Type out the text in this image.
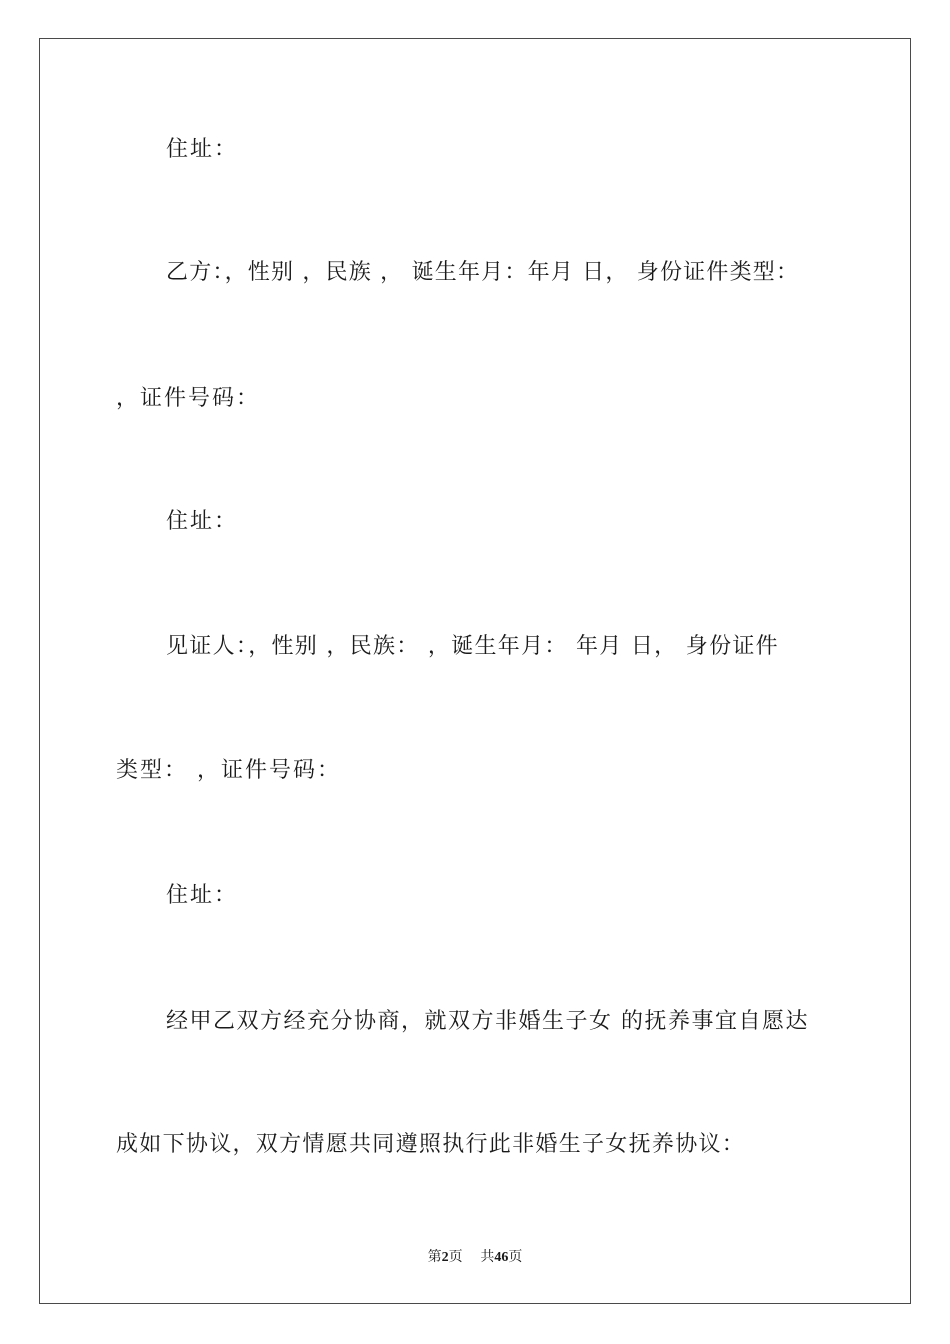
住址：
乙方：，性别 ，民族 ， 诞生年月：年月 日， 身份证件类型：
，证件号码：
住址：
见证人：，性别 ，民族： ，诞生年月： 年月 日， 身份证件
类型： ，证件号码：
住址：
经甲乙双方经充分协商，就双方非婚生子女 的抚养事宜自愿达
成如下协议，双方情愿共同遵照执行此非婚生子女抚养协议：
第2页 共46页
